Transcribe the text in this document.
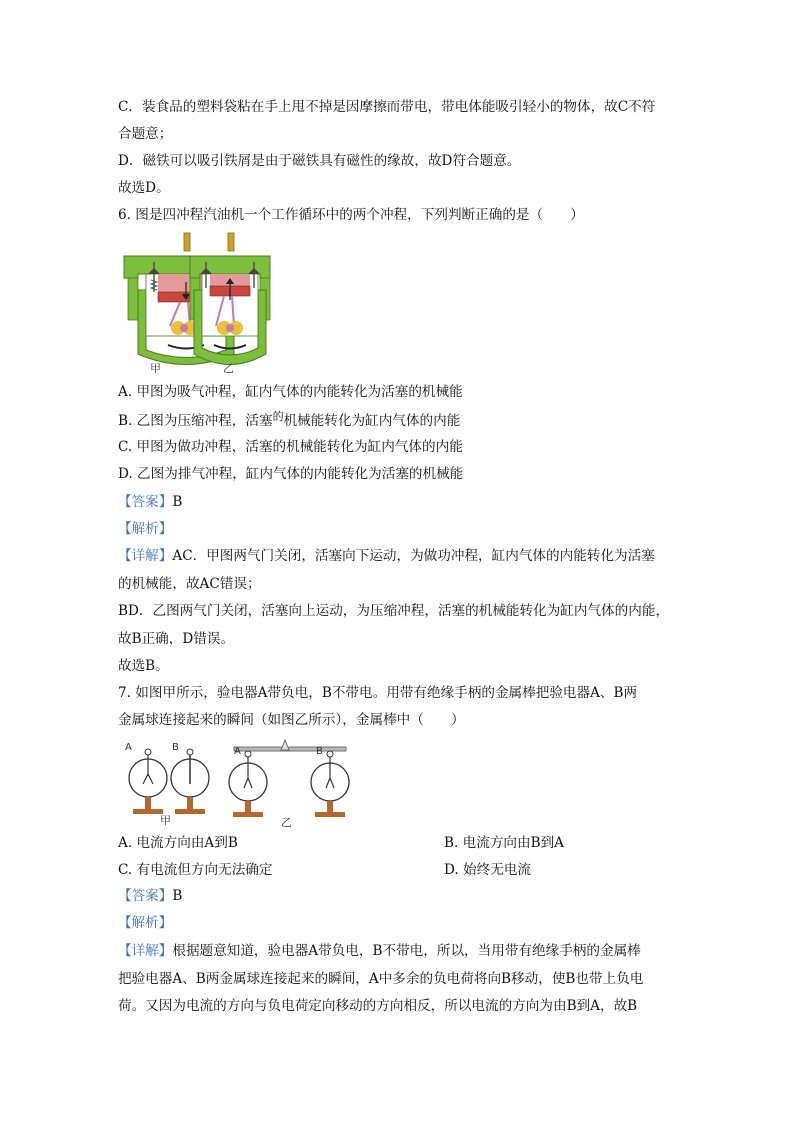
C．装食品的塑料袋粘在手上甩不掉是因摩擦而带电，带电体能吸引轻小的物体，故C不符
合题意；
D．磁铁可以吸引铁屑是由于磁铁具有磁性的缘故，故D符合题意。
故选D。
6. 图是四冲程汽油机一个工作循环中的两个冲程，下列判断正确的是（　　）
甲	乙
A. 甲图为吸气冲程，缸内气体的内能转化为活塞的机械能
B. 乙图为压缩冲程，活塞$^的$机械能转化为缸内气体的内能
C. 甲图为做功冲程，活塞的机械能转化为缸内气体的内能
D. 乙图为排气冲程，缸内气体的内能转化为活塞的机械能
【答案】B
【解析】
【详解】AC．甲图两气门关闭，活塞向下运动，为做功冲程，缸内气体的内能转化为活塞
的机械能，故AC错误；
BD．乙图两气门关闭，活塞向上运动，为压缩冲程，活塞的机械能转化为缸内气体的内能，
故B正确，D错误。
故选B。
7. 如图甲所示，验电器A带负电，B不带电。用带有绝缘手柄的金属棒把验电器A、B两
金属球连接起来的瞬间（如图乙所示），金属棒中（　　）
A	B	A	B
甲	乙
A. 电流方向由A到B	B. 电流方向由B到A
C. 有电流但方向无法确定	D. 始终无电流
【答案】B
【解析】
【详解】根据题意知道，验电器A带负电，B不带电，所以，当用带有绝缘手柄的金属棒
把验电器A、B两金属球连接起来的瞬间，A中多余的负电荷将向B移动，使B也带上负电
荷。又因为电流的方向与负电荷定向移动的方向相反，所以电流的方向为由B到A，故B
